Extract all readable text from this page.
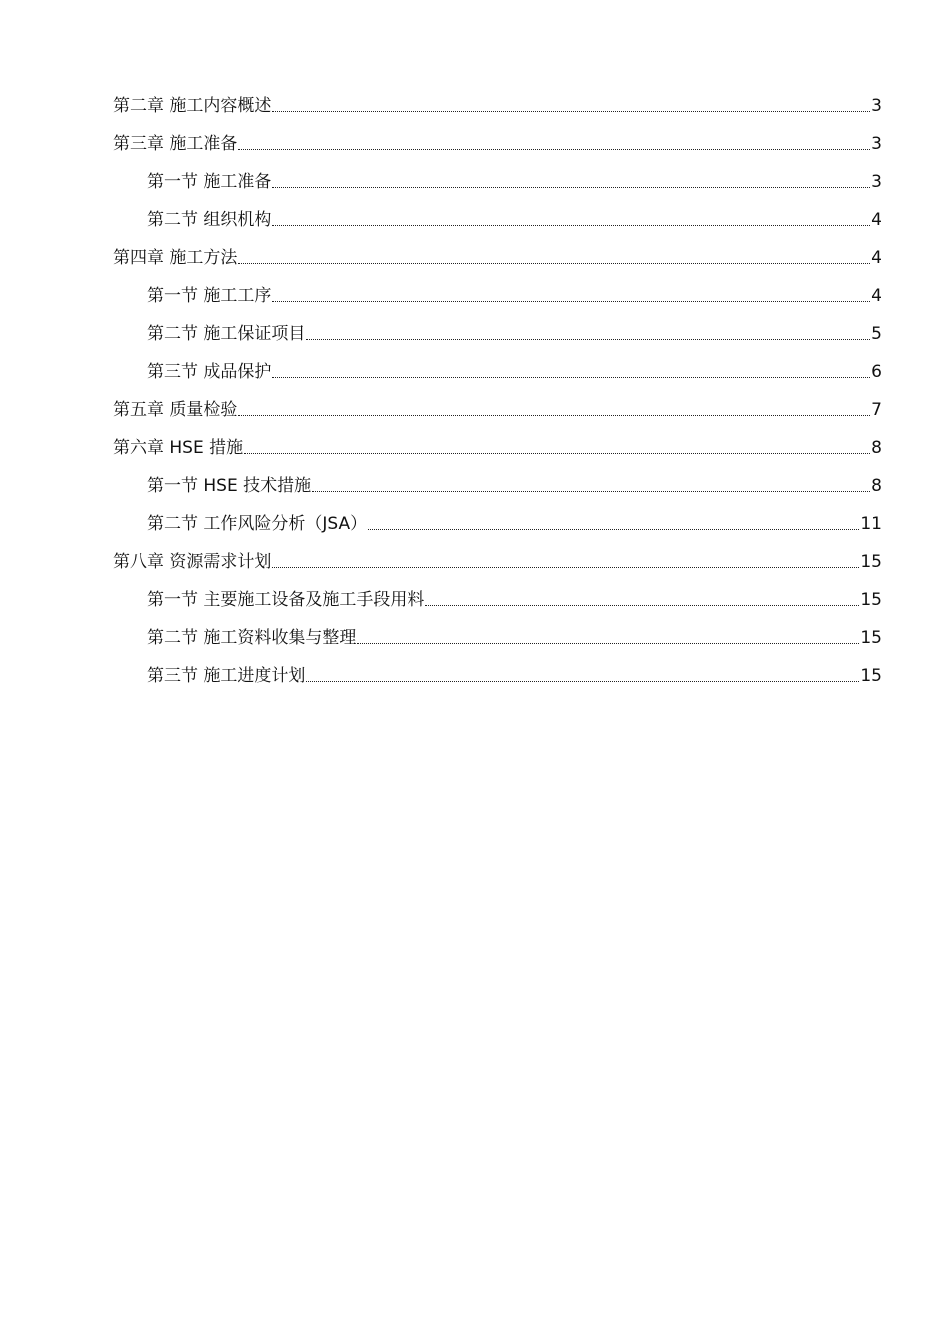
第二章 施工内容概述	3
第三章 施工准备	3
第一节 施工准备	3
第二节 组织机构	4
第四章 施工方法	4
第一节 施工工序	4
第二节 施工保证项目	5
第三节 成品保护	6
第五章 质量检验	7
第六章 HSE 措施	8
第一节 HSE 技术措施	8
第二节 工作风险分析（JSA）	11
第八章 资源需求计划	15
第一节 主要施工设备及施工手段用料	15
第二节 施工资料收集与整理	15
第三节 施工进度计划	15
